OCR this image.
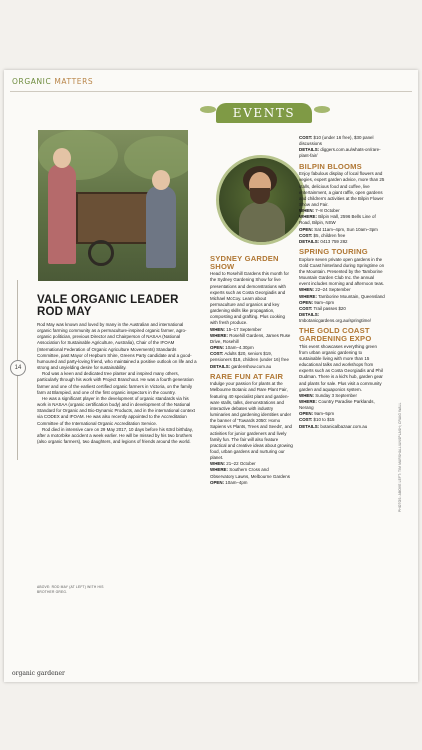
ORGANIC MATTERS
VALE ORGANIC LEADER ROD MAY

Rod May was known and loved by many in the Australian and international organic farming community as a permaculture-inspired organic farmer, agro-organic politician, previous Director and Chairperson of NASAA (National Association for Sustainable Agriculture, Australia), Chair of the IFOAM (International Federation of Organic Agriculture Movements) Standards Committee, past Mayor of Hepburn Shire, Greens Party candidate and a good-humoured and party-loving friend, who maintained a positive outlook on life and a strong and unyielding desire for sustainability.

Rod was a keen and dedicated tree planter and inspired many others, particularly through his work with Project Branchout. He was a fourth generation farmer and one of the earliest certified organic farmers in Victoria, on the family farm at Blampied, and one of the first organic inspectors in the country.

He was a significant player in the development of organic standards via his work in NASAA (organic certification body) and in development of the National Standard for Organic and Bio-Dynamic Products, and in the international context via CODEX and IFOAM. He was also recently appointed to the Accreditation Committee of the International Organic Accreditation Service.

Rod died in intensive care on 29 May 2017, 10 days before his 63rd birthday, after a motorbike accident a week earlier. He will be missed by his two brothers (also organic farmers), two daughters, and legions of friends around the world.

ABOVE: ROD MAY (AT LEFT) WITH HIS BROTHER GREG.
14
EVENTS
SYDNEY GARDEN SHOW

Head to Rosehill Gardens this month for the Sydney Gardening Show for live presentations and demonstrations with experts such as Costa Georgiadis and Michael McCoy. Learn about permaculture and organics and key gardening skills like propagation, composting and grafting. Plus cooking with fresh produce.

WHEN: 15–17 September

WHERE: Rosehill Gardens, James Ruse Drive, Rosehill

OPEN: 10am–4.30pm

COST: Adults $20, seniors $19, pensioners $18, children (under 16) free

DETAILS: gardenshow.com.au

RARE FUN AT FAIR

Indulge your passion for plants at the Melbourne Botanic and Rare Plant Fair, featuring 40 specialist plant and garden-ware stalls, talks, demonstrations and interactive debates with industry luminaries and gardening identities under the banner of 'Towards 2050: Homo Sapiens vs Plants, Trees and Seeds', and activities for junior gardeners and lively family fun. The fair will also feature practical and creative ideas about growing food, urban gardens and nurturing our planet.

WHEN: 21–22 October

WHERE: Southern Cross and Observatory Lawns, Melbourne Gardens

OPEN: 10am–4pm

COST: $10 (under 16 free), $30 panel discussions

DETAILS: diggers.com.au/whats-on/rare-plant-fair/

BILPIN BLOOMS

Enjoy fabulous display of local flowers and vegies, expert garden advice, more than 25 stalls, delicious food and coffee, live entertainment, a giant raffle, open gardens and children's activities at the Bilpin Flower Show and Fair.

WHEN: 7–8 October

WHERE: Bilpin Hall, 2596 Bells Line of Road, Bilpin, NSW

OPEN: Sat 11am–4pm, Sun 10am–3pm

COST: $5, children free

DETAILS: 0413 759 282

SPRING TOURING

Explore seven private open gardens in the Gold Coast hinterland during Springtime on the Mountain. Presented by the Tamborine Mountain Garden Club Inc. the annual event includes morning and afternoon teas.

WHEN: 22–24 September

WHERE: Tamborine Mountain, Queensland

OPEN: 9am–4pm

COST: Trail passes $20

DETAILS: tmbotanicgardens.org.au/springtime/

THE GOLD COAST GARDENING EXPO

This event showcases everything green from urban organic gardening to sustainable living with more than 15 educational talks and workshops from experts such as Costa Georgiadis and Phil Dudman. There is a kid's hub, garden gear and plants for sale. Plus visit a community garden and aquaponics system.

WHEN: Sunday 3 September

WHERE: Country Paradise Parklands, Nerang

OPEN: 9am–5pm

COST: $10 to $15

DETAILS: botanicalbazaar.com.au	PHOTOS: ABOVE LEFT: TIM MARSHALL/UNSPLASH; CRAIG WALL
organic gardener
